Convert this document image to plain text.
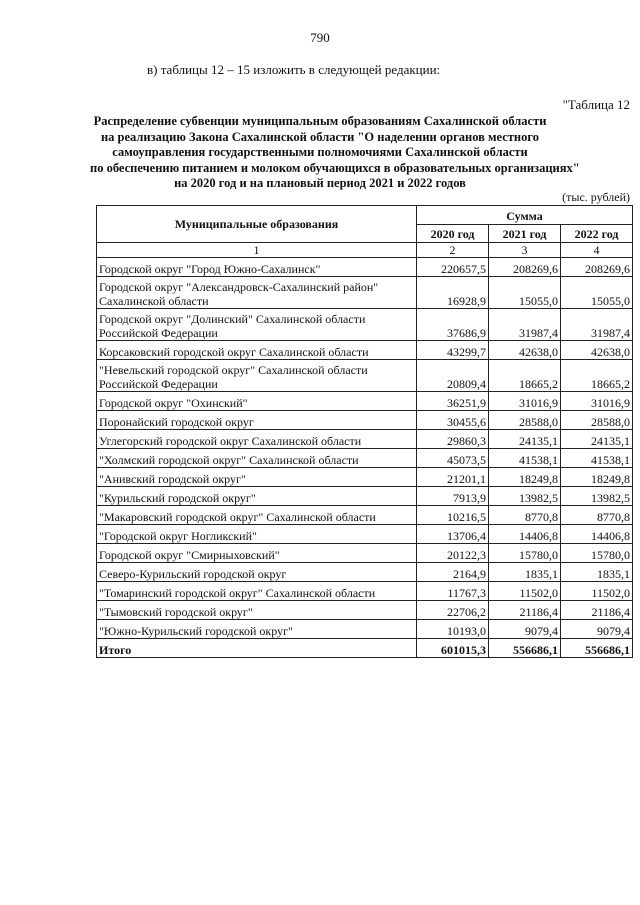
790
в) таблицы 12 – 15 изложить в следующей редакции:
"Таблица 12
Распределение субвенции муниципальным образованиям Сахалинской области
на реализацию Закона Сахалинской области "О наделении органов местного
самоуправления государственными полномочиями Сахалинской области
по обеспечению питанием и молоком обучающихся в образовательных организациях"
на 2020 год и на плановый период 2021 и 2022 годов
(тыс. рублей)
Муниципальные образования	Сумма		
	2020 год	2021 год	2022 год
1	2	3	4
Городской округ "Город Южно-Сахалинск"	220657,5	208269,6	208269,6
Городской округ "Александровск-Сахалинский район" Сахалинской области	16928,9	15055,0	15055,0
Городской округ "Долинский" Сахалинской области Российской Федерации	37686,9	31987,4	31987,4
Корсаковский городской округ Сахалинской области	43299,7	42638,0	42638,0
"Невельский городской округ" Сахалинской области Российской Федерации	20809,4	18665,2	18665,2
Городской округ "Охинский"	36251,9	31016,9	31016,9
Поронайский городской округ	30455,6	28588,0	28588,0
Углегорский городской округ Сахалинской области	29860,3	24135,1	24135,1
"Холмский городской округ" Сахалинской области	45073,5	41538,1	41538,1
"Анивский городской округ"	21201,1	18249,8	18249,8
"Курильский городской округ"	7913,9	13982,5	13982,5
"Макаровский городской округ" Сахалинской области	10216,5	8770,8	8770,8
"Городской округ Ногликский"	13706,4	14406,8	14406,8
Городской округ "Смирныховский"	20122,3	15780,0	15780,0
Северо-Курильский городской округ	2164,9	1835,1	1835,1
"Томаринский городской округ" Сахалинской области	11767,3	11502,0	11502,0
"Тымовский городской округ"	22706,2	21186,4	21186,4
"Южно-Курильский городской округ"	10193,0	9079,4	9079,4
Итого	601015,3	556686,1	556686,1
